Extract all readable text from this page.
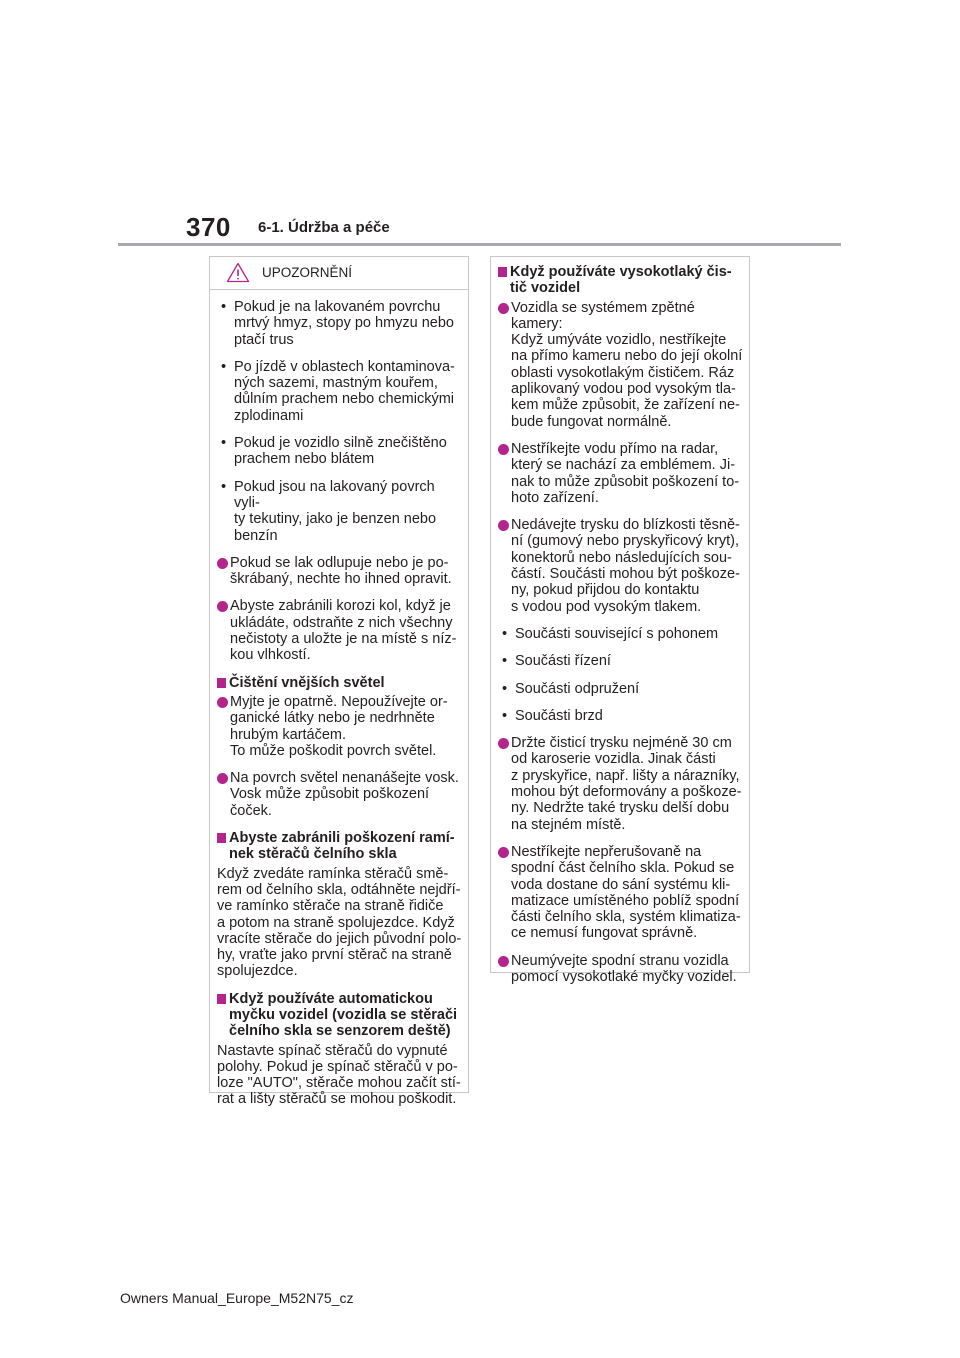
370 6-1. Údržba a péče
UPOZORNĚNÍ
• Pokud je na lakovaném povrchu
mrtvý hmyz, stopy po hmyzu nebo
ptačí trus
• Po jízdě v oblastech kontaminova-
ných sazemi, mastným kouřem,
důlním prachem nebo chemickými
zplodinami
• Pokud je vozidlo silně znečištěno
prachem nebo blátem
• Pokud jsou na lakovaný povrch vyli-
ty tekutiny, jako je benzen nebo
benzín
Pokud se lak odlupuje nebo je po-
škrábaný, nechte ho ihned opravit.
Abyste zabránili korozi kol, když je
ukládáte, odstraňte z nich všechny
nečistoty a uložte je na místě s níz-
kou vlhkostí.
Čištění vnějších světel
Myjte je opatrně. Nepoužívejte or-
ganické látky nebo je nedrhněte
hrubým kartáčem.
To může poškodit povrch světel.
Na povrch světel nenanášejte vosk.
Vosk může způsobit poškození
čoček.
Abyste zabránili poškození ramí-
nek stěračů čelního skla
Když zvedáte ramínka stěračů smě-
rem od čelního skla, odtáhněte nejdří-
ve ramínko stěrače na straně řidiče
a potom na straně spolujezdce. Když
vracíte stěrače do jejich původní polo-
hy, vraťte jako první stěrač na straně
spolujezdce.
Když používáte automatickou
myčku vozidel (vozidla se stěrači
čelního skla se senzorem deště)
Nastavte spínač stěračů do vypnuté
polohy. Pokud je spínač stěračů v po-
loze "AUTO", stěrače mohou začít stí-
rat a lišty stěračů se mohou poškodit.
Když používáte vysokotlaký čis-
tič vozidel
Vozidla se systémem zpětné kamery:
Když umýváte vozidlo, nestříkejte
na přímo kameru nebo do její okolní
oblasti vysokotlakým čističem. Ráz
aplikovaný vodou pod vysokým tla-
kem může způsobit, že zařízení ne-
bude fungovat normálně.
Nestříkejte vodu přímo na radar,
který se nachází za emblémem. Ji-
nak to může způsobit poškození to-
hoto zařízení.
Nedávejte trysku do blízkosti těsně-
ní (gumový nebo pryskyřicový kryt),
konektorů nebo následujících sou-
částí. Součásti mohou být poškoze-
ny, pokud přijdou do kontaktu
s vodou pod vysokým tlakem.
• Součásti související s pohonem
• Součásti řízení
• Součásti odpružení
• Součásti brzd
Držte čisticí trysku nejméně 30 cm
od karoserie vozidla. Jinak části
z pryskyřice, např. lišty a nárazníky,
mohou být deformovány a poškoze-
ny. Nedržte také trysku delší dobu
na stejném místě.
Nestříkejte nepřerušovaně na
spodní část čelního skla. Pokud se
voda dostane do sání systému kli-
matizace umístěného poblíž spodní
části čelního skla, systém klimatiza-
ce nemusí fungovat správně.
Neumývejte spodní stranu vozidla
pomocí vysokotlaké myčky vozidel.
Owners Manual_Europe_M52N75_cz
